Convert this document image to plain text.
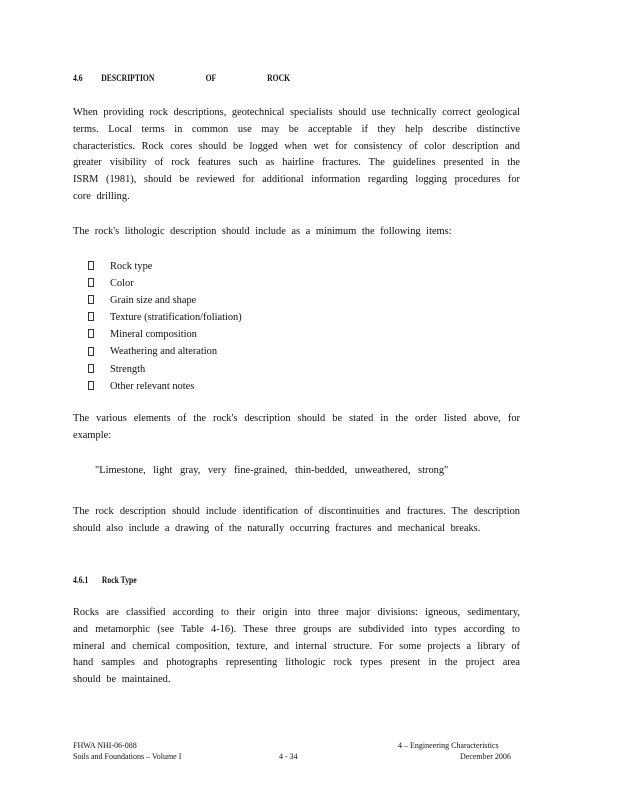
4.6 DESCRIPTION OF ROCK

When providing rock descriptions, geotechnical specialists should use technically correct geological terms. Local terms in common use may be acceptable if they help describe distinctive characteristics. Rock cores should be logged when wet for consistency of color description and greater visibility of rock features such as hairline fractures. The guidelines presented in the ISRM (1981), should be reviewed for additional information regarding logging procedures for core drilling.

The rock's lithologic description should include as a minimum the following items:

Rock type
Color
Grain size and shape
Texture (stratification/foliation)
Mineral composition
Weathering and alteration
Strength
Other relevant notes

The various elements of the rock's description should be stated in the order listed above, for example:

"Limestone, light gray, very fine-grained, thin-bedded, unweathered, strong"

The rock description should include identification of discontinuities and fractures. The description should also include a drawing of the naturally occurring fractures and mechanical breaks.

4.6.1 Rock Type

Rocks are classified according to their origin into three major divisions: igneous, sedimentary, and metamorphic (see Table 4-16). These three groups are subdivided into types according to mineral and chemical composition, texture, and internal structure. For some projects a library of hand samples and photographs representing lithologic rock types present in the project area should be maintained.

FHWA NHI-06-088
Soils and Foundations – Volume I	4 - 34
4 – Engineering Characteristics
December 2006
